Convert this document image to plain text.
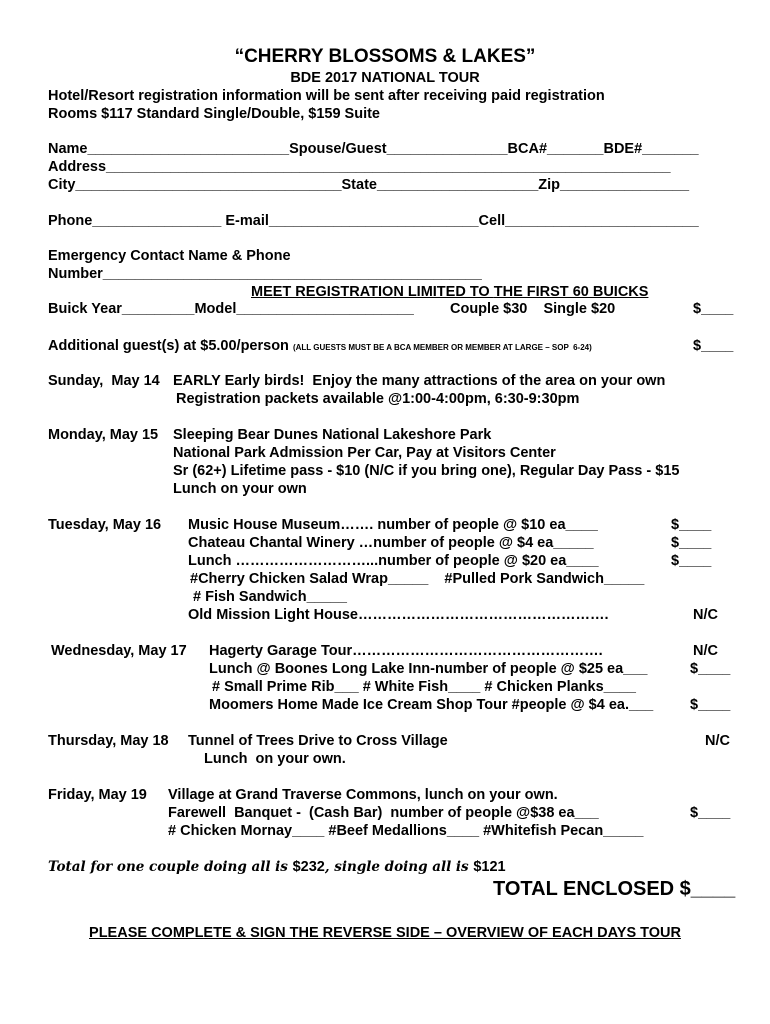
“CHERRY BLOSSOMS & LAKES”
BDE 2017 NATIONAL TOUR
Hotel/Resort registration information will be sent after receiving paid registration
Rooms $117 Standard Single/Double, $159 Suite
Name_________________________Spouse/Guest_______________BCA#_______BDE#_______
Address______________________________________________________________________
City_________________________________State____________________Zip________________
Phone________________ E-mail__________________________Cell________________________
Emergency Contact Name & Phone
Number_______________________________________________
MEET REGISTRATION LIMITED TO THE FIRST 60 BUICKS
Buick Year_________Model______________________ Couple $30    Single $20	$____
Additional guest(s) at $5.00/person (ALL GUESTS MUST BE A BCA MEMBER OR MEMBER AT LARGE – SOP  6-24)	$____
Sunday,  May 14 EARLY Early birds!  Enjoy the many attractions of the area on your own
Registration packets available @1:00-4:00pm, 6:30-9:30pm
Monday, May 15 Sleeping Bear Dunes National Lakeshore Park
National Park Admission Per Car, Pay at Visitors Center
Sr (62+) Lifetime pass - $10 (N/C if you bring one), Regular Day Pass - $15
Lunch on your own
Tuesday, May 16 Music House Museum……. number of people @ $10 ea____
Chateau Chantal Winery …number of people @ $4 ea_____
Lunch ………………………...number of people @ $20 ea____
#Cherry Chicken Salad Wrap_____    #Pulled Pork Sandwich_____
# Fish Sandwich_____
Old Mission Light House…………………………………………….
$____
$____
$____
N/C
Wednesday, May 17 Hagerty Garage Tour…………………………………………….
Lunch @ Boones Long Lake Inn-number of people @ $25 ea___
# Small Prime Rib___ # White Fish____ # Chicken Planks____
Moomers Home Made Ice Cream Shop Tour #people @ $4 ea.___
N/C
$____
$____
Thursday, May 18 Tunnel of Trees Drive to Cross Village
Lunch  on your own.
N/C
Friday, May 19 Village at Grand Traverse Commons, lunch on your own.
Farewell  Banquet -  (Cash Bar)  number of people @$38 ea___
# Chicken Mornay____ #Beef Medallions____ #Whitefish Pecan_____
$____
Total for one couple doing all is $232, single doing all is $121
TOTAL ENCLOSED $____
PLEASE COMPLETE & SIGN THE REVERSE SIDE – OVERVIEW OF EACH DAYS TOUR
